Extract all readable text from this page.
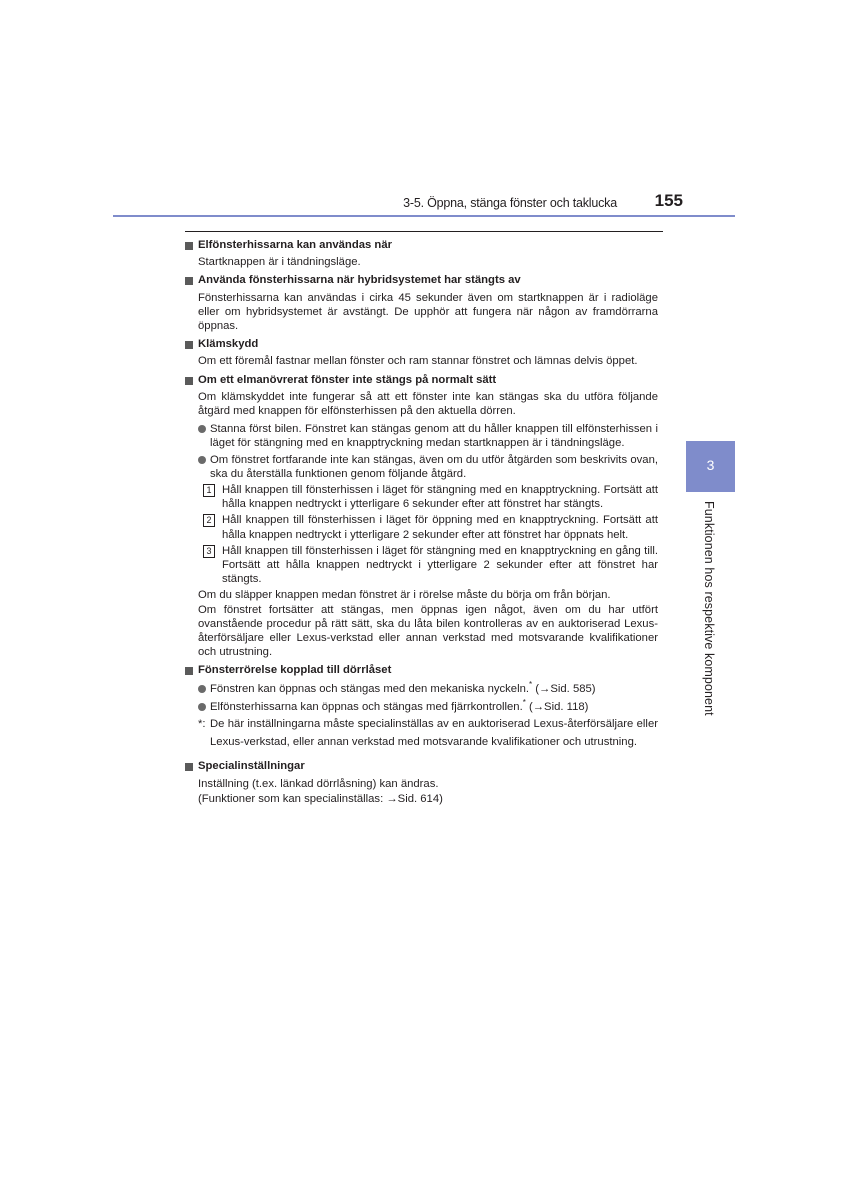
3-5. Öppna, stänga fönster och taklucka 155
Elfönsterhissarna kan användas när

Startknappen är i tändningsläge.

Använda fönsterhissarna när hybridsystemet har stängts av

Fönsterhissarna kan användas i cirka 45 sekunder även om startknappen är i radioläge eller om hybridsystemet är avstängt. De upphör att fungera när någon av framdörrarna öppnas.

Klämskydd

Om ett föremål fastnar mellan fönster och ram stannar fönstret och lämnas delvis öppet.

Om ett elmanövrerat fönster inte stängs på normalt sätt

Om klämskyddet inte fungerar så att ett fönster inte kan stängas ska du utföra följande åtgärd med knappen för elfönsterhissen på den aktuella dörren.

Stanna först bilen. Fönstret kan stängas genom att du håller knappen till elfönsterhissen i läget för stängning med en knapptryckning medan startknappen är i tändningsläge.
Om fönstret fortfarande inte kan stängas, även om du utför åtgärden som beskrivits ovan, ska du återställa funktionen genom följande åtgärd.
1 Håll knappen till fönsterhissen i läget för stängning med en knapptryckning. Fortsätt att hålla knappen nedtryckt i ytterligare 6 sekunder efter att fönstret har stängts.
2 Håll knappen till fönsterhissen i läget för öppning med en knapptryckning. Fortsätt att hålla knappen nedtryckt i ytterligare 2 sekunder efter att fönstret har öppnats helt.
3 Håll knappen till fönsterhissen i läget för stängning med en knapptryckning en gång till. Fortsätt att hålla knappen nedtryckt i ytterligare 2 sekunder efter att fönstret har stängts.

Om du släpper knappen medan fönstret är i rörelse måste du börja om från början.

Om fönstret fortsätter att stängas, men öppnas igen något, även om du har utfört ovanstående procedur på rätt sätt, ska du låta bilen kontrolleras av en auktoriserad Lexus-återförsäljare eller Lexus-verkstad eller annan verkstad med motsvarande kvalifikationer och utrustning.

Fönsterrörelse kopplad till dörrlåset
Fönstren kan öppnas och stängas med den mekaniska nyckeln.* (→Sid. 585)
Elfönsterhissarna kan öppnas och stängas med fjärrkontrollen.* (→Sid. 118)
*: De här inställningarna måste specialinställas av en auktoriserad Lexus-återförsäljare eller Lexus-verkstad, eller annan verkstad med motsvarande kvalifikationer och utrustning.
Specialinställningar

Inställning (t.ex. länkad dörrlåsning) kan ändras.

(Funktioner som kan specialinställas: →Sid. 614)

3
Funktionen hos respektive komponent
